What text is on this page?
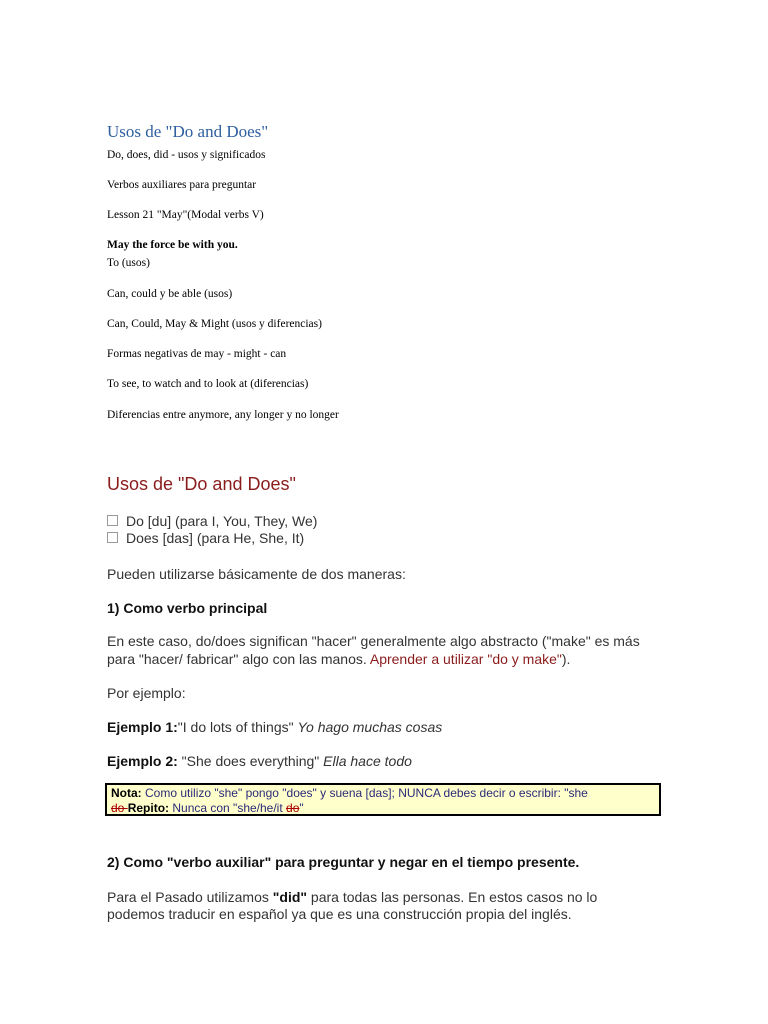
Usos de "Do and Does"
Do, does, did - usos y significados
Verbos auxiliares para preguntar
Lesson 21 "May"(Modal verbs V)
May the force be with you.
To (usos)
Can, could y be able (usos)
Can, Could, May & Might (usos y diferencias)
Formas negativas de may - might - can
To see, to watch and to look at (diferencias)
Diferencias entre anymore, any longer y no longer
Usos de "Do and Does"
Do [du] (para I, You, They, We)
Does [das] (para He, She, It)
Pueden utilizarse básicamente de dos maneras:
1) Como verbo principal
En este caso, do/does significan "hacer" generalmente algo abstracto ("make" es más
para "hacer/ fabricar" algo con las manos. Aprender a utilizar "do y make").
Por ejemplo:
Ejemplo 1:"I do lots of things" Yo hago muchas cosas
Ejemplo 2: "She does everything" Ella hace todo
Nota: Como utilizo "she" pongo "does" y suena [das]; NUNCA debes decir o escribir: "she
do Repito: Nunca con "she/he/it do"
2) Como "verbo auxiliar" para preguntar y negar en el tiempo presente.
Para el Pasado utilizamos "did" para todas las personas. En estos casos no lo
podemos traducir en español ya que es una construcción propia del inglés.
